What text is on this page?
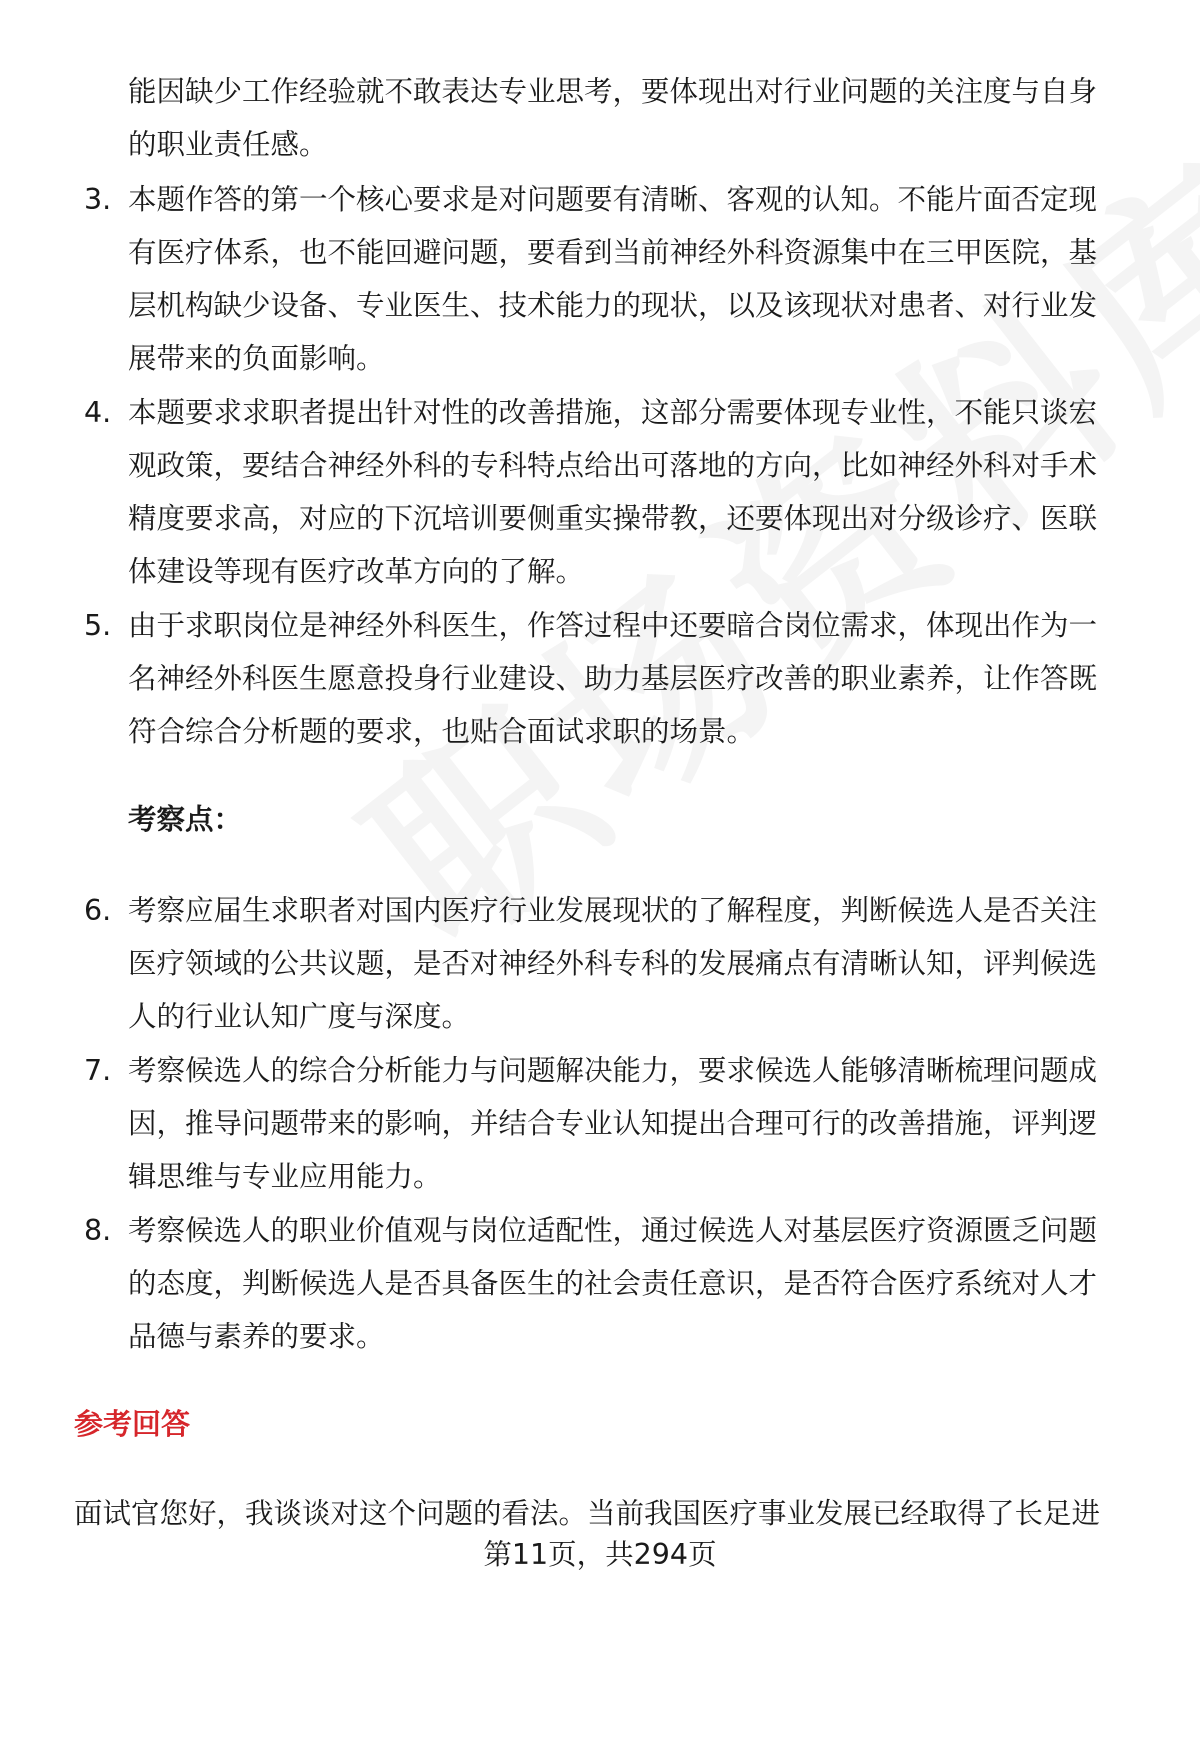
能因缺少工作经验就不敢表达专业思考，要体现出对行业问题的关注度与自身
的职业责任感。
3. 本题作答的第一个核心要求是对问题要有清晰、客观的认知。不能片面否定现
有医疗体系，也不能回避问题，要看到当前神经外科资源集中在三甲医院，基
层机构缺少设备、专业医生、技术能力的现状，以及该现状对患者、对行业发
展带来的负面影响。
4. 本题要求求职者提出针对性的改善措施，这部分需要体现专业性，不能只谈宏
观政策，要结合神经外科的专科特点给出可落地的方向，比如神经外科对手术
精度要求高，对应的下沉培训要侧重实操带教，还要体现出对分级诊疗、医联
体建设等现有医疗改革方向的了解。
5. 由于求职岗位是神经外科医生，作答过程中还要暗合岗位需求，体现出作为一
名神经外科医生愿意投身行业建设、助力基层医疗改善的职业素养，让作答既
符合综合分析题的要求，也贴合面试求职的场景。
考察点：
6. 考察应届生求职者对国内医疗行业发展现状的了解程度，判断候选人是否关注
医疗领域的公共议题，是否对神经外科专科的发展痛点有清晰认知，评判候选
人的行业认知广度与深度。
7. 考察候选人的综合分析能力与问题解决能力，要求候选人能够清晰梳理问题成
因，推导问题带来的影响，并结合专业认知提出合理可行的改善措施，评判逻
辑思维与专业应用能力。
8. 考察候选人的职业价值观与岗位适配性，通过候选人对基层医疗资源匮乏问题
的态度，判断候选人是否具备医生的社会责任意识，是否符合医疗系统对人才
品德与素养的要求。
参考回答
面试官您好，我谈谈对这个问题的看法。当前我国医疗事业发展已经取得了长足进
第11页，共294页
